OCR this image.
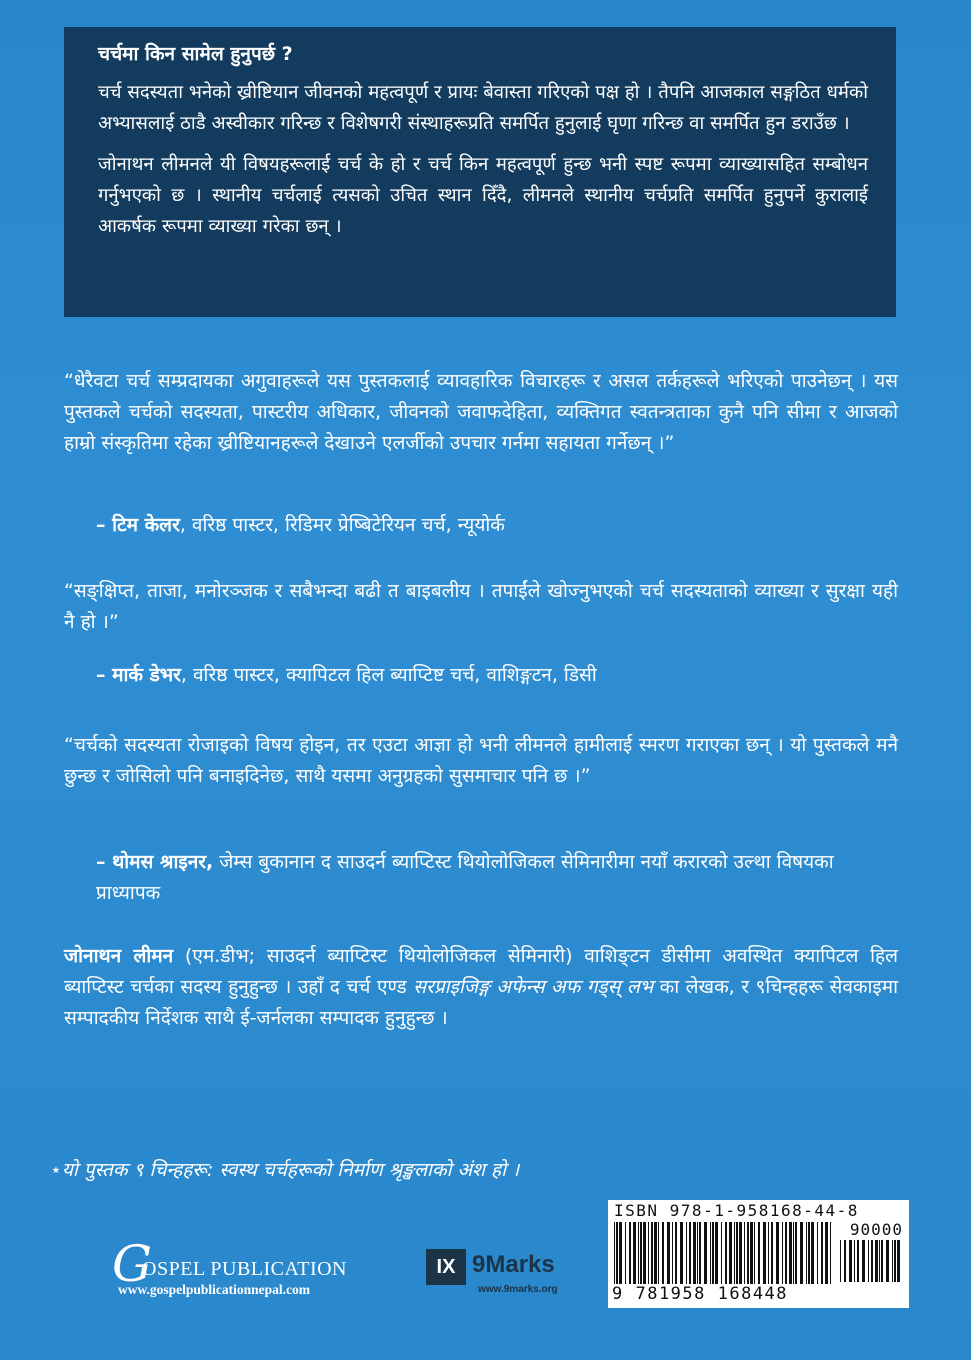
चर्चमा किन सामेल हुनुपर्छ ?

चर्च सदस्यता भनेको ख्रीष्टियान जीवनको महत्वपूर्ण र प्रायः बेवास्ता गरिएको पक्ष हो । तैपनि आजकाल सङ्गठित धर्मको अभ्यासलाई ठाडै अस्वीकार गरिन्छ र विशेषगरी संस्थाहरूप्रति समर्पित हुनुलाई घृणा गरिन्छ वा समर्पित हुन डराउँछ ।

जोनाथन लीमनले यी विषयहरूलाई चर्च के हो र चर्च किन महत्वपूर्ण हुन्छ भनी स्पष्ट रूपमा व्याख्यासहित सम्बोधन गर्नुभएको छ । स्थानीय चर्चलाई त्यसको उचित स्थान दिँदै, लीमनले स्थानीय चर्चप्रति समर्पित हुनुपर्ने कुरालाई आकर्षक रूपमा व्याख्या गरेका छन् ।

“धेरैवटा चर्च सम्प्रदायका अगुवाहरूले यस पुस्तकलाई व्यावहारिक विचारहरू र असल तर्कहरूले भरिएको पाउनेछन् । यस पुस्तकले चर्चको सदस्यता, पास्टरीय अधिकार, जीवनको जवाफदेहिता, व्यक्तिगत स्वतन्त्रताका कुनै पनि सीमा र आजको हाम्रो संस्कृतिमा रहेका ख्रीष्टियानहरूले देखाउने एलर्जीको उपचार गर्नमा सहायता गर्नेछन् ।”

– टिम केलर, वरिष्ठ पास्टर, रिडिमर प्रेष्बिटेरियन चर्च, न्यूयोर्क

“सङ्क्षिप्त, ताजा, मनोरञ्जक र सबैभन्दा बढी त बाइबलीय । तपाईंले खोज्नुभएको चर्च सदस्यताको व्याख्या र सुरक्षा यही नै हो ।”

– मार्क डेभर, वरिष्ठ पास्टर, क्यापिटल हिल ब्याप्टिष्ट चर्च, वाशिङ्गटन, डिसी

“चर्चको सदस्यता रोजाइको विषय होइन, तर एउटा आज्ञा हो भनी लीमनले हामीलाई स्मरण गराएका छन् । यो पुस्तकले मनै छुन्छ र जोसिलो पनि बनाइदिनेछ, साथै यसमा अनुग्रहको सुसमाचार पनि छ ।”

– थोमस श्राइनर, जेम्स बुकानान द साउदर्न ब्याप्टिस्ट थियोलोजिकल सेमिनारीमा नयाँ करारको उल्था विषयका प्राध्यापक

जोनाथन लीमन (एम.डीभ; साउदर्न ब्याप्टिस्ट थियोलोजिकल सेमिनारी) वाशिङ्टन डीसीमा अवस्थित क्यापिटल हिल ब्याप्टिस्ट चर्चका सदस्य हुनुहुन्छ । उहाँ द चर्च एण्ड सरप्राइजिङ्ग अफेन्स अफ गड्स् लभ का लेखक, र ९चिन्हहरू सेवकाइमा सम्पादकीय निर्देशक साथै ई-जर्नलका सम्पादक हुनुहुन्छ ।

⋆यो पुस्तक ९ चिन्हहरू: स्वस्थ चर्चहरूको निर्माण श्रृङ्खलाको अंश हो ।

G
OSPEL PUBLICATION
www.gospelpublicationnepal.com
IX 9Marks
www.9marks.org
ISBN 978-1-958168-44-8
90000
9 781958 168448
